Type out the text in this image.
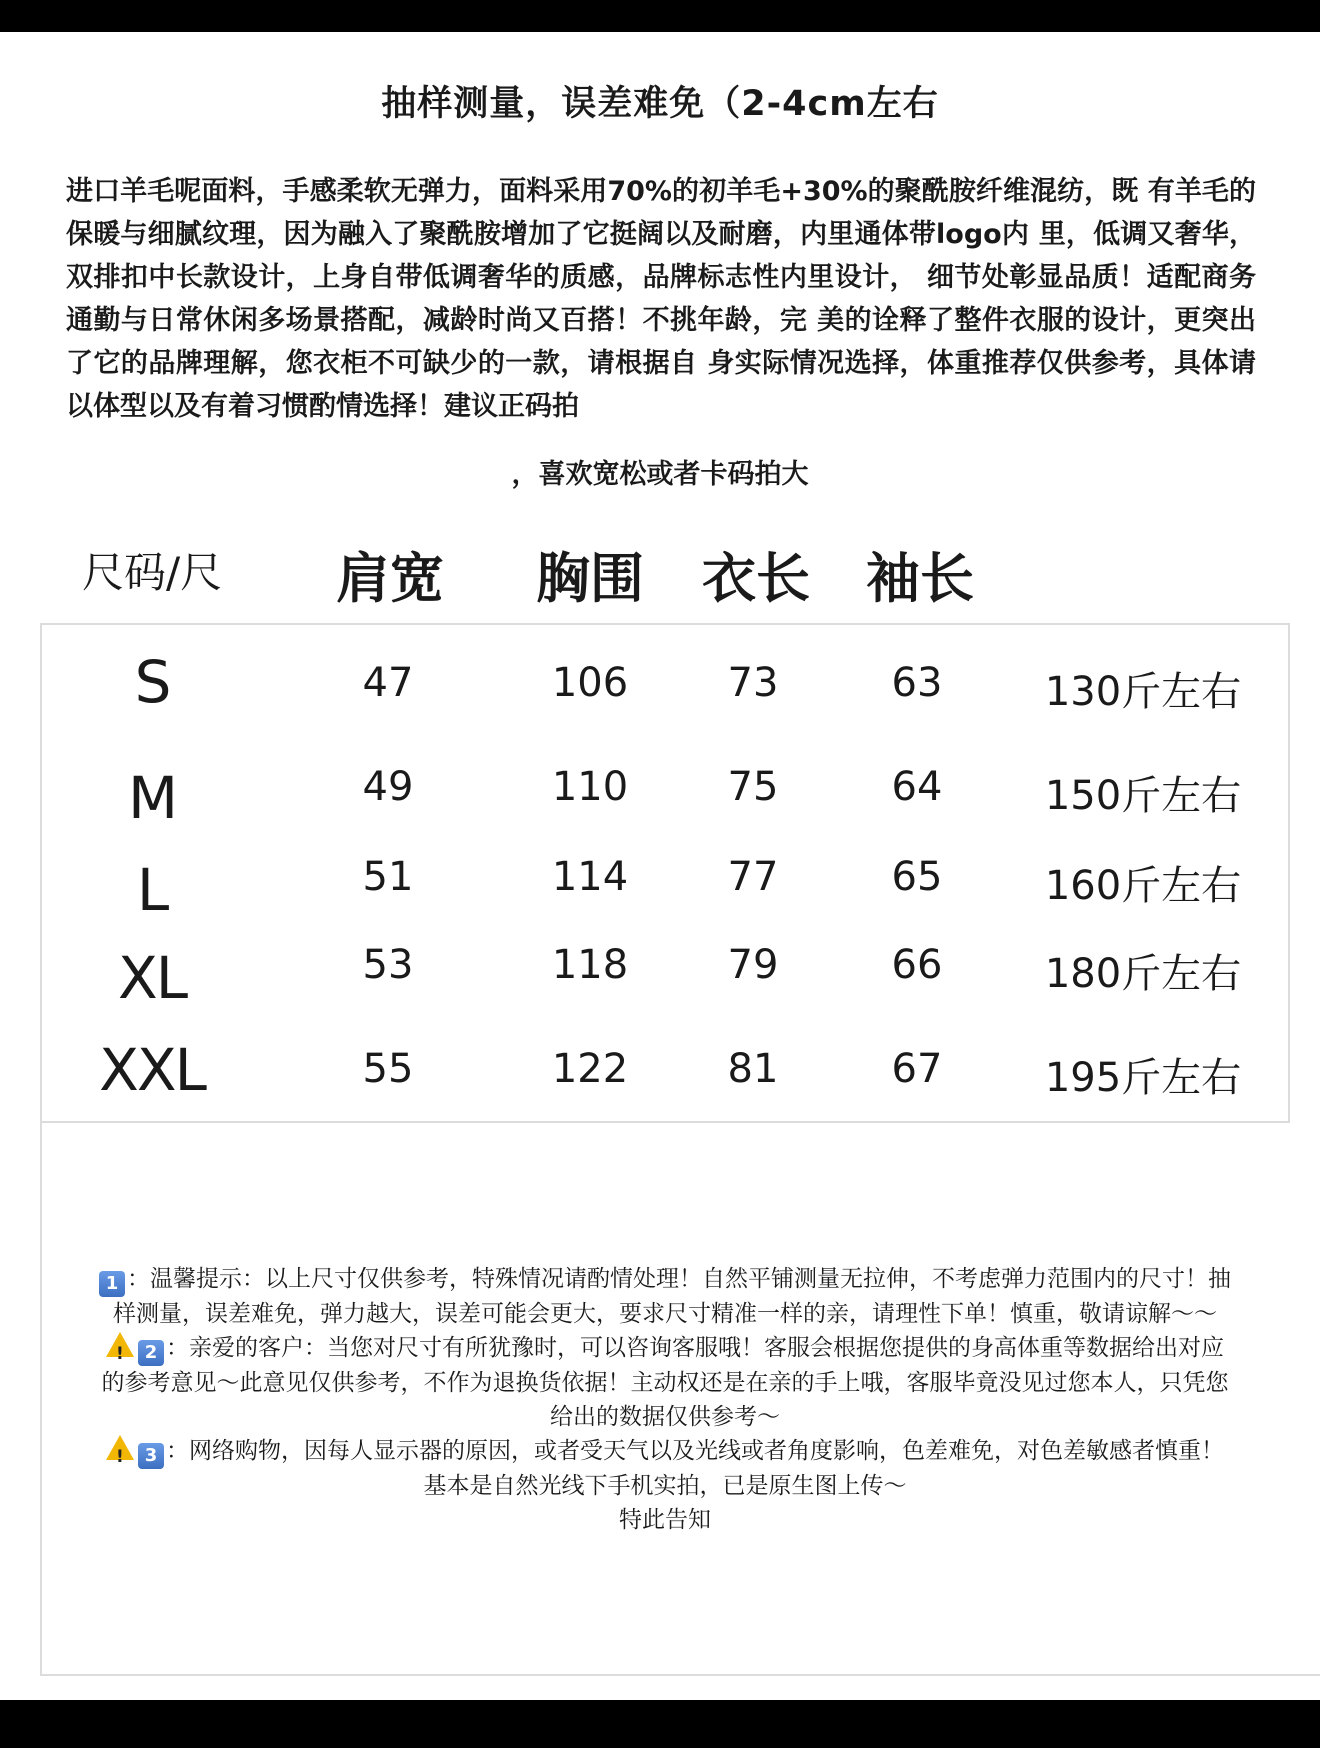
抽样测量，误差难免（2-4cm左右
进口羊毛呢面料，手感柔软无弹力，面料采用70%的初羊毛+30%的聚酰胺纤维混纺，既 有羊毛的保暖与细腻纹理，因为融入了聚酰胺增加了它挺阔以及耐磨，内里通体带logo内 里，低调又奢华，双排扣中长款设计，上身自带低调奢华的质感，品牌标志性内里设计， 细节处彰显品质！适配商务通勤与日常休闲多场景搭配，减龄时尚又百搭！不挑年龄，完 美的诠释了整件衣服的设计，更突出了它的品牌理解，您衣柜不可缺少的一款，请根据自 身实际情况选择，体重推荐仅供参考，具体请以体型以及有着习惯酌情选择！建议正码拍
，喜欢宽松或者卡码拍大
尺码/尺 肩宽 胸围 衣长 袖长
S	47	106 73	63	130斤左右
M	49	110 75	64	150斤左右
L	51	114 77	65	160斤左右
XL	53	118 79	66	180斤左右
XXL	55	122 81	67	195斤左右
1 ：温馨提示：以上尺寸仅供参考，特殊情况请酌情处理！自然平铺测量无拉伸，不考虑弹力范围内的尺寸！抽
样测量，误差难免，弹力越大，误差可能会更大，要求尺寸精准一样的亲，请理性下单！慎重，敬请谅解～～
!2 ：亲爱的客户：当您对尺寸有所犹豫时，可以咨询客服哦！客服会根据您提供的身高体重等数据给出对应
的参考意见～此意见仅供参考，不作为退换货依据！主动权还是在亲的手上哦，客服毕竟没见过您本人，只凭您
给出的数据仅供参考～
!3 ：网络购物，因每人显示器的原因，或者受天气以及光线或者角度影响，色差难免，对色差敏感者慎重！
基本是自然光线下手机实拍，已是原生图上传～
特此告知
